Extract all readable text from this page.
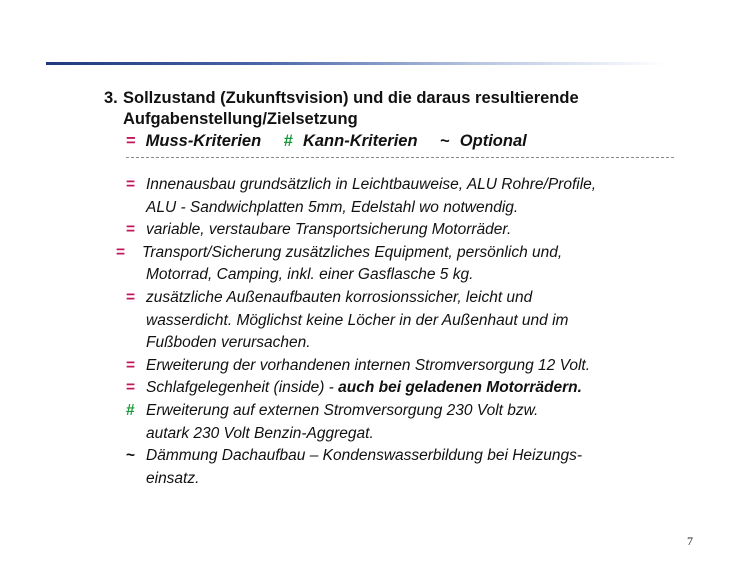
3. Sollzustand (Zukunftsvision) und die daraus resultierende
Aufgabenstellung/Zielsetzung
= Muss-Kriterien # Kann-Kriterien ~ Optional
= Innenausbau grundsätzlich in Leichtbauweise, ALU Rohre/Profile,
ALU - Sandwichplatten 5mm, Edelstahl wo notwendig.
= variable, verstaubare Transportsicherung Motorräder.
= Transport/Sicherung zusätzliches Equipment, persönlich und,
Motorrad, Camping, inkl. einer Gasflasche 5 kg.
= zusätzliche Außenaufbauten korrosionssicher, leicht und
wasserdicht. Möglichst keine Löcher in der Außenhaut und im
Fußboden verursachen.
= Erweiterung der vorhandenen internen Stromversorgung 12 Volt.
= Schlafgelegenheit (inside) - auch bei geladenen Motorrädern.
# Erweiterung auf externen Stromversorgung 230 Volt bzw.
autark 230 Volt Benzin-Aggregat.
~ Dämmung Dachaufbau – Kondenswasserbildung bei Heizungs-
einsatz.
7
